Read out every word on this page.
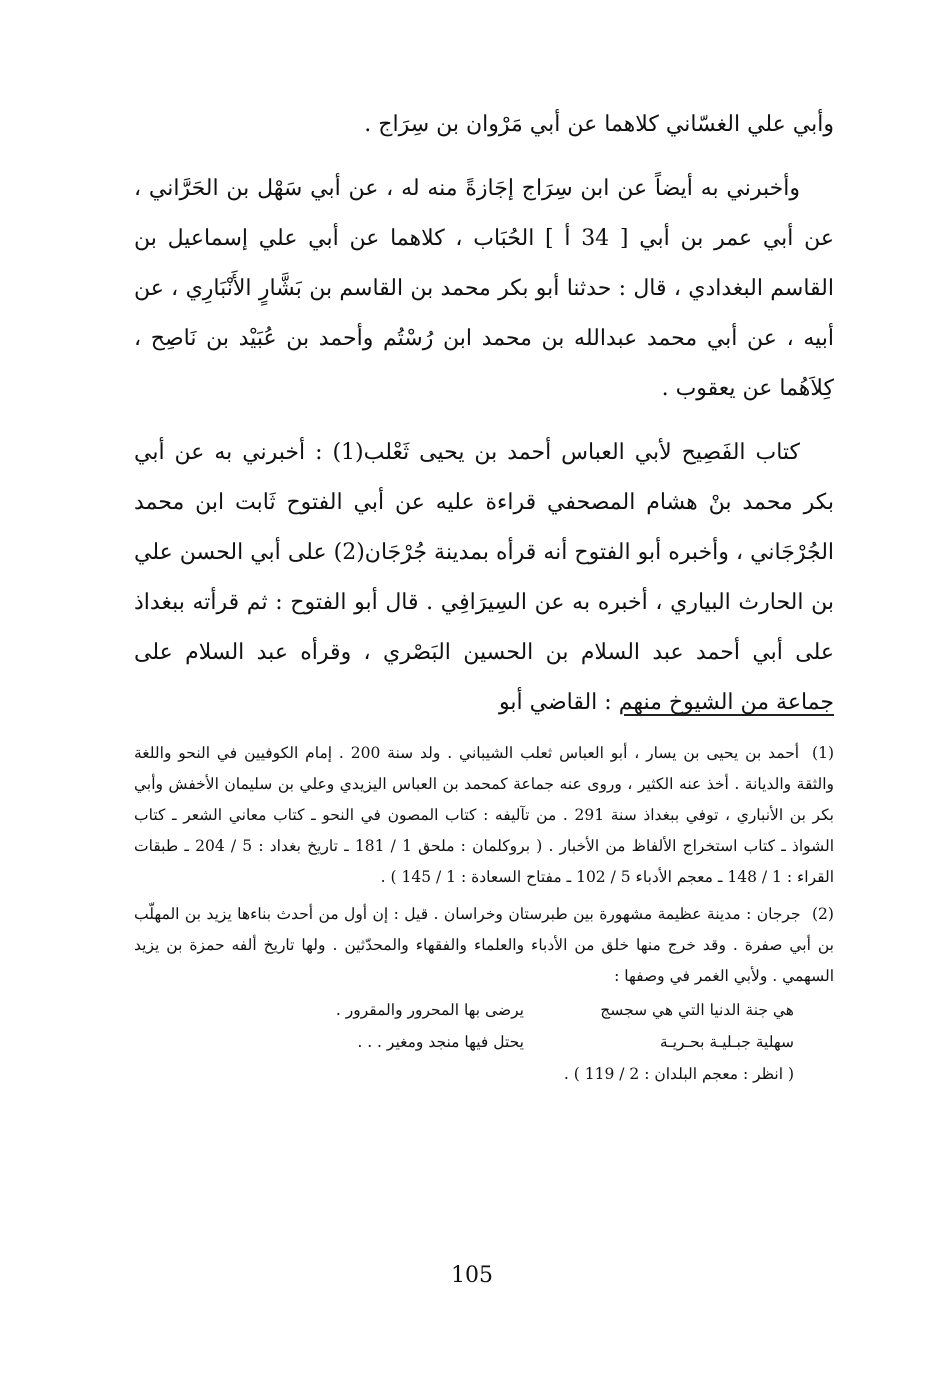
وأبي علي الغسّاني كلاهما عن أبي مَرْوان بن سِرَاج .

وأخبرني به أيضاً عن ابن سِرَاج إجَازةً منه له ، عن أبي سَهْل بن الحَرَّاني ، عن أبي عمر بن أبي [ 34 أ ] الحُبَاب ، كلاهما عن أبي علي إسماعيل بن القاسم البغدادي ، قال : حدثنا أبو بكر محمد بن القاسم بن بَشَّارٍ الأَنْبَارِي ، عن أبيه ، عن أبي محمد عبدالله بن محمد ابن رُسْتُم وأحمد بن عُبَيْد بن نَاصِح ، كِلاَهُما عن يعقوب .

كتاب الفَصِيح لأبي العباس أحمد بن يحيى ثَعْلب(1) : أخبرني به عن أبي بكر محمد بنْ هشام المصحفي قراءة عليه عن أبي الفتوح ثَابت ابن محمد الجُرْجَاني ، وأخبره أبو الفتوح أنه قرأه بمدينة جُرْجَان(2) على أبي الحسن علي بن الحارث البياري ، أخبره به عن السِيرَافِي . قال أبو الفتوح : ثم قرأته ببغداذ على أبي أحمد عبد السلام بن الحسين البَصْري ، وقرأه عبد السلام على جماعة من الشيوخ منهم : القاضي أبو

(1) أحمد بن يحيى بن يسار ، أبو العباس ثعلب الشيباني . ولد سنة 200 . إمام الكوفيين في النحو واللغة والثقة والديانة . أخذ عنه الكثير ، وروى عنه جماعة كمحمد بن العباس اليزيدي وعلي بن سليمان الأخفش وأبي بكر بن الأنباري ، توفي ببغداذ سنة 291 . من تآليفه : كتاب المصون في النحو ـ كتاب معاني الشعر ـ كتاب الشواذ ـ كتاب استخراج الألفاظ من الأخبار . ( بروكلمان : ملحق 1 / 181 ـ تاريخ بغداد : 5 / 204 ـ طبقات القراء : 1 / 148 ـ معجم الأدباء 5 / 102 ـ مفتاح السعادة : 1 / 145 ) .
(2) جرجان : مدينة عظيمة مشهورة بين طبرستان وخراسان . قيل : إن أول من أحدث بناءها يزيد بن المهلّب بن أبي صفرة . وقد خرج منها خلق من الأدباء والعلماء والفقهاء والمحدّثين . ولها تاريخ ألفه حمزة بن يزيد السهمي . ولأبي الغمر في وصفها :
هي جنة الدنيا التي هي سجسج
يرضى بها المحرور والمقرور .
سهلية جبـليـة بحـريـة
يحتل فيها منجد ومغير . . .
( انظر : معجم البلدان : 2 / 119 ) .
105
